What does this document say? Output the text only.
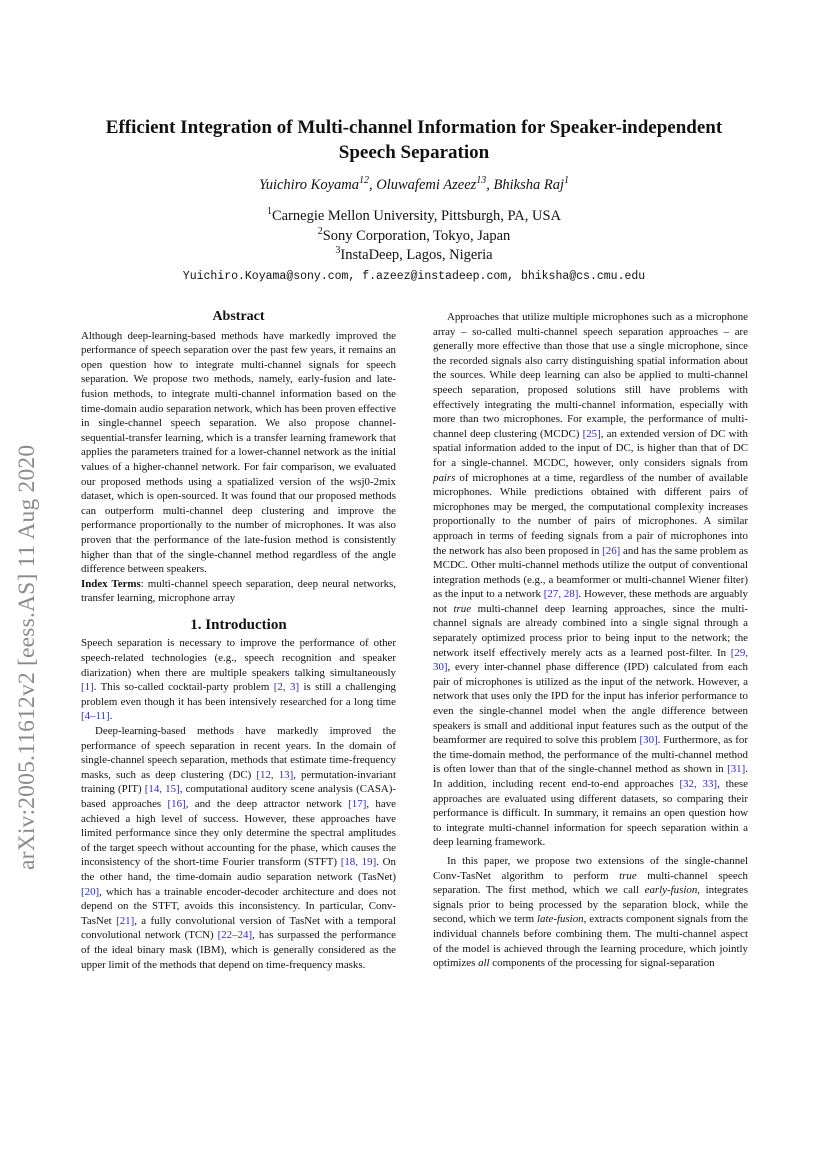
arXiv:2005.11612v2 [eess.AS] 11 Aug 2020
Efficient Integration of Multi-channel Information for Speaker-independent
Speech Separation
Yuichiro Koyama$^{12}$, Oluwafemi Azeez$^{13}$, Bhiksha Raj$^1$
$^1$Carnegie Mellon University, Pittsburgh, PA, USA
$^2$Sony Corporation, Tokyo, Japan
$^3$InstaDeep, Lagos, Nigeria
Yuichiro.Koyama@sony.com, f.azeez@instadeep.com, bhiksha@cs.cmu.edu
Abstract

Although deep-learning-based methods have markedly improved the performance of speech separation over the past few years, it remains an open question how to integrate multi-channel signals for speech separation. We propose two methods, namely, early-fusion and late-fusion methods, to integrate multi-channel information based on the time-domain audio separation network, which has been proven effective in single-channel speech separation. We also propose channel-sequential-transfer learning, which is a transfer learning framework that applies the parameters trained for a lower-channel network as the initial values of a higher-channel network. For fair comparison, we evaluated our proposed methods using a spatialized version of the wsj0-2mix dataset, which is open-sourced. It was found that our proposed methods can outperform multi-channel deep clustering and improve the performance proportionally to the number of microphones. It was also proven that the performance of the late-fusion method is consistently higher than that of the single-channel method regardless of the angle difference between speakers.

Index Terms: multi-channel speech separation, deep neural networks, transfer learning, microphone array

1. Introduction

Speech separation is necessary to improve the performance of other speech-related technologies (e.g., speech recognition and speaker diarization) when there are multiple speakers talking simultaneously [1]. This so-called cocktail-party problem [2, 3] is still a challenging problem even though it has been intensively researched for a long time [4–11].

Deep-learning-based methods have markedly improved the performance of speech separation in recent years. In the domain of single-channel speech separation, methods that estimate time-frequency masks, such as deep clustering (DC) [12, 13], permutation-invariant training (PIT) [14, 15], computational auditory scene analysis (CASA)-based approaches [16], and the deep attractor network [17], have achieved a high level of success. However, these approaches have limited performance since they only determine the spectral amplitudes of the target speech without accounting for the phase, which causes the inconsistency of the short-time Fourier transform (STFT) [18, 19]. On the other hand, the time-domain audio separation network (TasNet) [20], which has a trainable encoder-decoder architecture and does not depend on the STFT, avoids this inconsistency. In particular, Conv-TasNet [21], a fully convolutional version of TasNet with a temporal convolutional network (TCN) [22–24], has surpassed the performance of the ideal binary mask (IBM), which is generally considered as the upper limit of the methods that depend on time-frequency masks.

Approaches that utilize multiple microphones such as a microphone array – so-called multi-channel speech separation approaches – are generally more effective than those that use a single microphone, since the recorded signals also carry distinguishing spatial information about the sources. While deep learning can also be applied to multi-channel speech separation, proposed solutions still have problems with effectively integrating the multi-channel information, especially with more than two microphones. For example, the performance of multi-channel deep clustering (MCDC) [25], an extended version of DC with spatial information added to the input of DC, is higher than that of DC for a single-channel. MCDC, however, only considers signals from pairs of microphones at a time, regardless of the number of available microphones. While predictions obtained with different pairs of microphones may be merged, the computational complexity increases proportionally to the number of pairs of microphones. A similar approach in terms of feeding signals from a pair of microphones into the network has also been proposed in [26] and has the same problem as MCDC. Other multi-channel methods utilize the output of conventional integration methods (e.g., a beamformer or multi-channel Wiener filter) as the input to a network [27, 28]. However, these methods are arguably not true multi-channel deep learning approaches, since the multi-channel signals are already combined into a single signal through a separately optimized process prior to being input to the network; the network itself effectively merely acts as a learned post-filter. In [29, 30], every inter-channel phase difference (IPD) calculated from each pair of microphones is utilized as the input of the network. However, a network that uses only the IPD for the input has inferior performance to even the single-channel model when the angle difference between speakers is small and additional input features such as the output of the beamformer are required to solve this problem [30]. Furthermore, as for the time-domain method, the performance of the multi-channel method is often lower than that of the single-channel method as shown in [31]. In addition, including recent end-to-end approaches [32, 33], these approaches are evaluated using different datasets, so comparing their performance is difficult. In summary, it remains an open question how to integrate multi-channel information for speech separation within a deep learning framework.

In this paper, we propose two extensions of the single-channel Conv-TasNet algorithm to perform true multi-channel speech separation. The first method, which we call early-fusion, integrates signals prior to being processed by the separation block, while the second, which we term late-fusion, extracts component signals from the individual channels before combining them. The multi-channel aspect of the model is achieved through the learning procedure, which jointly optimizes all components of the processing for signal-separation
